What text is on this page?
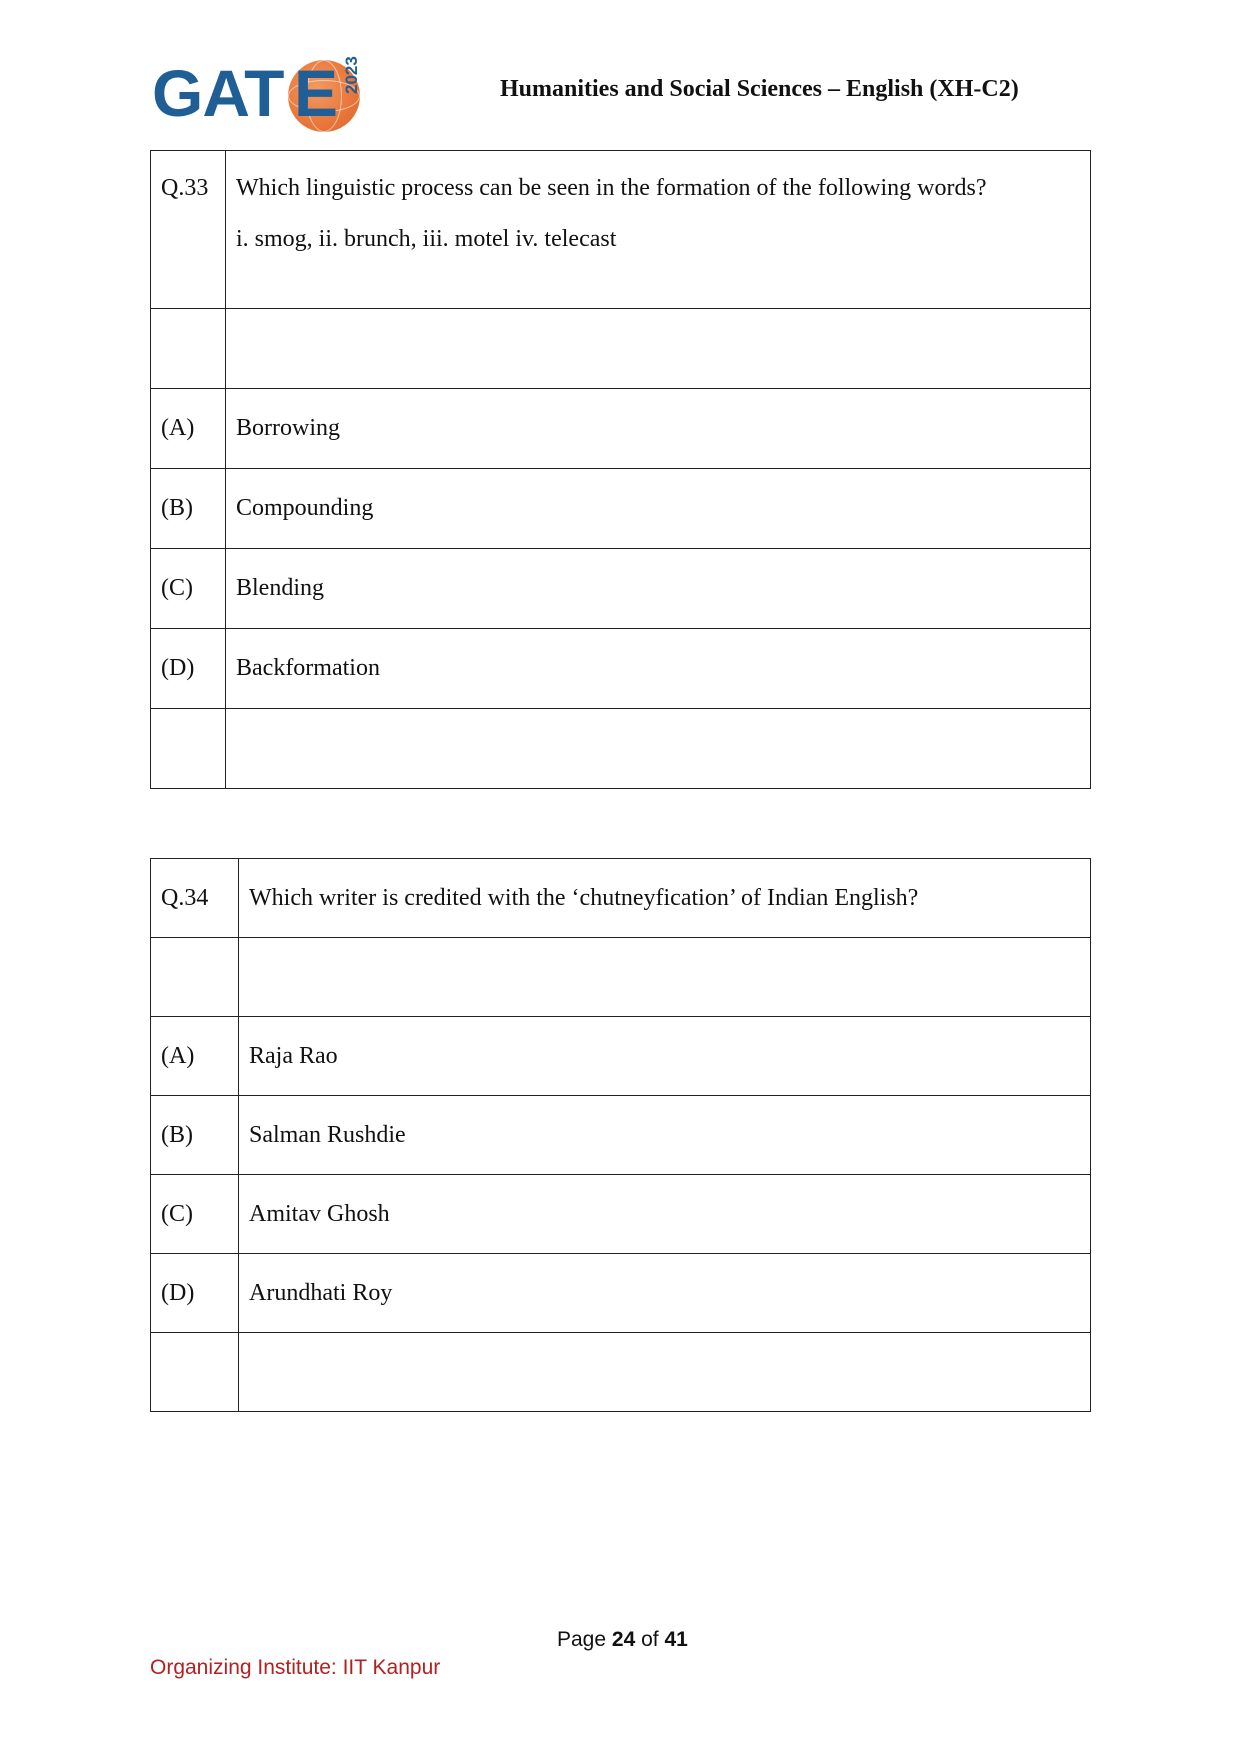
GAT E 2023	Humanities and Social Sciences – English (XH-C2)
Q.33	Which linguistic process can be seen in the formation of the following words?
i. smog, ii. brunch, iii. motel iv. telecast

(A)	Borrowing
(B)	Compounding
(C)	Blending
(D)	Backformation

Q.34	Which writer is credited with the ‘chutneyfication’ of Indian English?

(A)	Raja Rao
(B)	Salman Rushdie
(C)	Amitav Ghosh
(D)	Arundhati Roy

Page 24 of 41
Organizing Institute: IIT Kanpur
